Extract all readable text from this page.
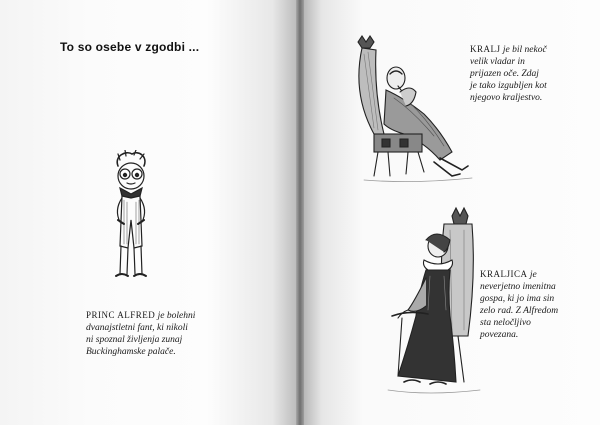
To so osebe v zgodbi ...
PRINC ALFRED je bolehni
dvanajstletni fant, ki nikoli
ni spoznal življenja zunaj
Buckinghamske palače.
KRALJ je bil nekoč
velik vladar in
prijazen oče. Zdaj
je tako izgubljen kot
njegovo kraljestvo.
KRALJICA je
neverjetno imenitna
gospa, ki jo ima sin
zelo rad. Z Alfredom
sta neločljivo
povezana.
